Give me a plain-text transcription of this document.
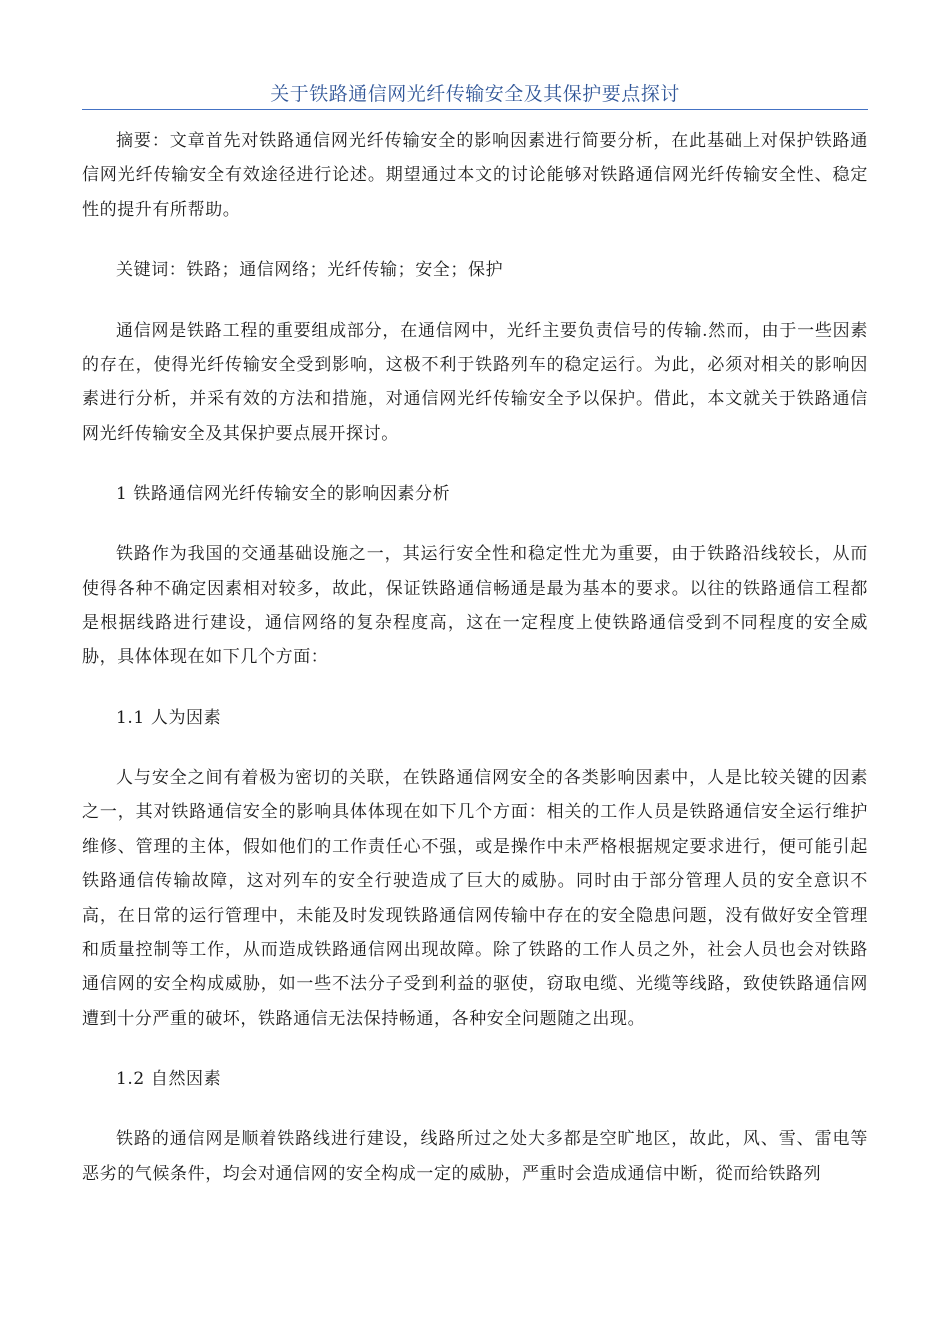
关于铁路通信网光纤传输安全及其保护要点探讨

摘要：文章首先对铁路通信网光纤传输安全的影响因素进行简要分析，在此基础上对保护铁路通信网光纤传输安全有效途径进行论述。期望通过本文的讨论能够对铁路通信网光纤传输安全性、稳定性的提升有所帮助。

关键词：铁路；通信网络；光纤传输；安全；保护

通信网是铁路工程的重要组成部分，在通信网中，光纤主要负责信号的传输.然而，由于一些因素的存在，使得光纤传输安全受到影响，这极不利于铁路列车的稳定运行。为此，必须对相关的影响因素进行分析，并采有效的方法和措施，对通信网光纤传输安全予以保护。借此，本文就关于铁路通信网光纤传输安全及其保护要点展开探讨。

1 铁路通信网光纤传输安全的影响因素分析

铁路作为我国的交通基础设施之一，其运行安全性和稳定性尤为重要，由于铁路沿线较长，从而使得各种不确定因素相对较多，故此，保证铁路通信畅通是最为基本的要求。以往的铁路通信工程都是根据线路进行建设，通信网络的复杂程度高，这在一定程度上使铁路通信受到不同程度的安全威胁，具体体现在如下几个方面：

1.1 人为因素

人与安全之间有着极为密切的关联，在铁路通信网安全的各类影响因素中，人是比较关键的因素之一，其对铁路通信安全的影响具体体现在如下几个方面：相关的工作人员是铁路通信安全运行维护维修、管理的主体，假如他们的工作责任心不强，或是操作中未严格根据规定要求进行，便可能引起铁路通信传输故障，这对列车的安全行驶造成了巨大的威胁。同时由于部分管理人员的安全意识不高，在日常的运行管理中，未能及时发现铁路通信网传输中存在的安全隐患问题，没有做好安全管理和质量控制等工作，从而造成铁路通信网出现故障。除了铁路的工作人员之外，社会人员也会对铁路通信网的安全构成威胁，如一些不法分子受到利益的驱使，窃取电缆、光缆等线路，致使铁路通信网遭到十分严重的破坏，铁路通信无法保持畅通，各种安全问题随之出现。

1.2 自然因素

铁路的通信网是顺着铁路线进行建设，线路所过之处大多都是空旷地区，故此，风、雪、雷电等恶劣的气候条件，均会对通信网的安全构成一定的威胁，严重时会造成通信中断，從而给铁路列
